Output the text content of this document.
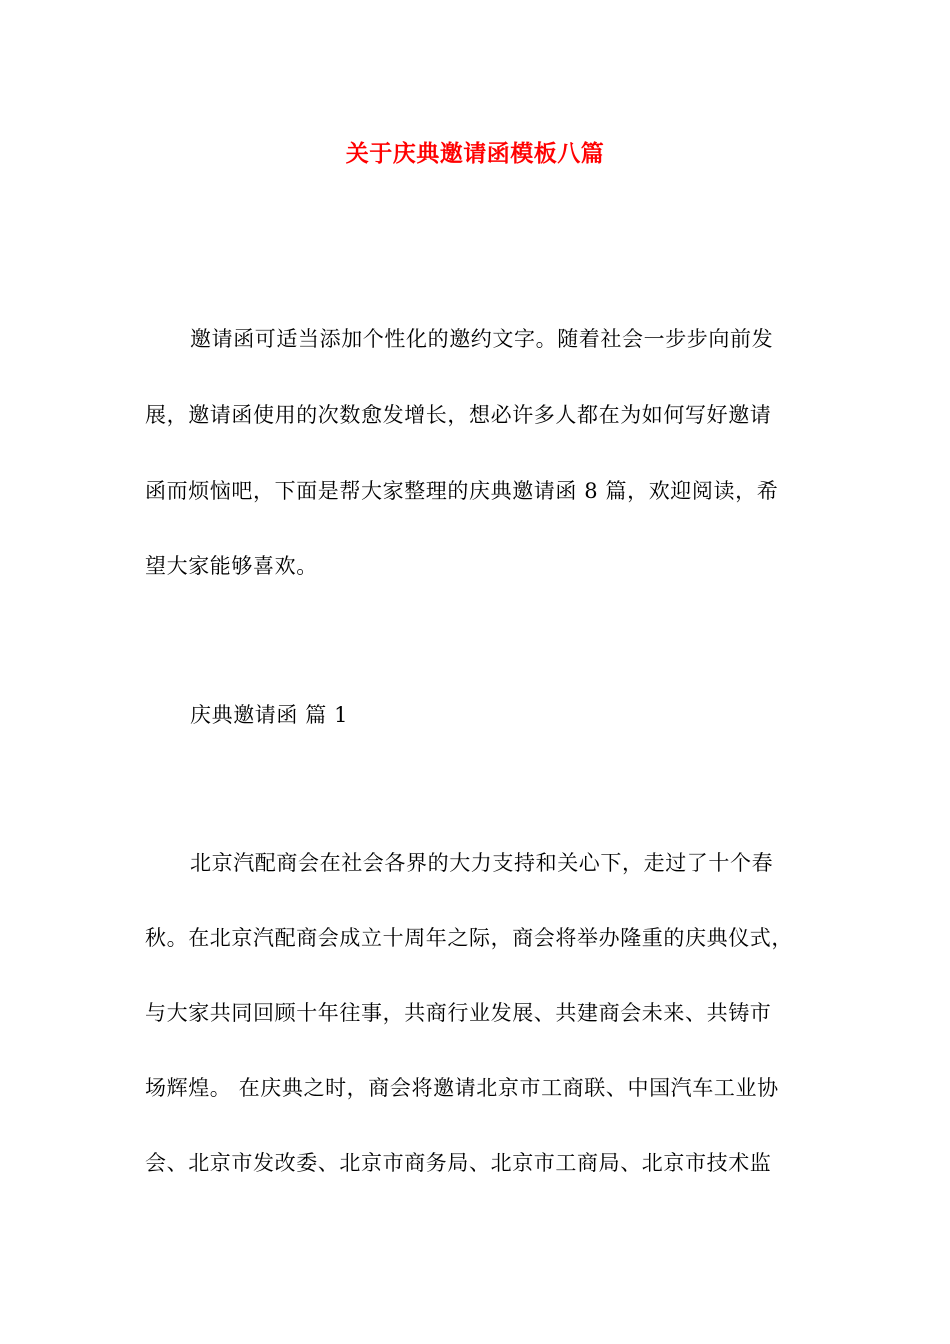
关于庆典邀请函模板八篇
邀请函可适当添加个性化的邀约文字。随着社会一步步向前发
展，邀请函使用的次数愈发增长，想必许多人都在为如何写好邀请
函而烦恼吧，下面是帮大家整理的庆典邀请函 8 篇，欢迎阅读，希
望大家能够喜欢。
庆典邀请函 篇 1
北京汽配商会在社会各界的大力支持和关心下，走过了十个春
秋。在北京汽配商会成立十周年之际，商会将举办隆重的庆典仪式，
与大家共同回顾十年往事，共商行业发展、共建商会未来、共铸市
场辉煌。 在庆典之时，商会将邀请北京市工商联、中国汽车工业协
会、北京市发改委、北京市商务局、北京市工商局、北京市技术监
